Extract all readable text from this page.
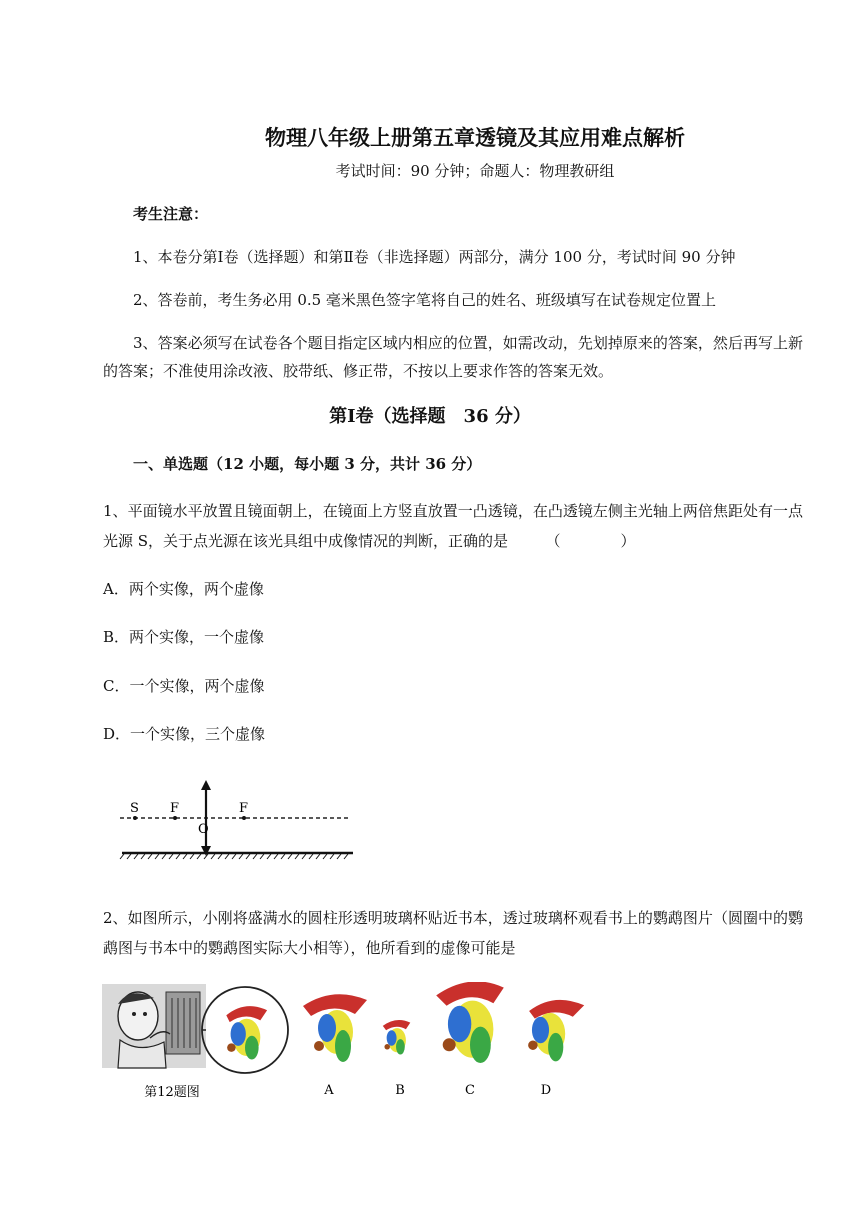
物理八年级上册第五章透镜及其应用难点解析
考试时间：90 分钟；命题人：物理教研组
考生注意：
1、本卷分第Ⅰ卷（选择题）和第Ⅱ卷（非选择题）两部分，满分 100 分，考试时间 90 分钟
2、答卷前，考生务必用 0.5 毫米黑色签字笔将自己的姓名、班级填写在试卷规定位置上
3、答案必须写在试卷各个题目指定区域内相应的位置，如需改动，先划掉原来的答案，然后再写上新的答案；不准使用涂改液、胶带纸、修正带，不按以上要求作答的答案无效。
第Ⅰ卷（选择题　36 分）
一、单选题（12 小题，每小题 3 分，共计 36 分）
1、平面镜水平放置且镜面朝上，在镜面上方竖直放置一凸透镜，在凸透镜左侧主光轴上两倍焦距处有一点光源 S，关于点光源在该光具组中成像情况的判断，正确的是　　　（　　　　）
A．两个实像，两个虚像
B．两个实像，一个虚像
C．一个实像，两个虚像
D．一个实像，三个虚像
S F
O
F
2、如图所示，小刚将盛满水的圆柱形透明玻璃杯贴近书本，透过玻璃杯观看书上的鹦鹉图片（圆圈中的鹦鹉图与书本中的鹦鹉图实际大小相等），他所看到的虚像可能是
第12题图	A	B	C	D
